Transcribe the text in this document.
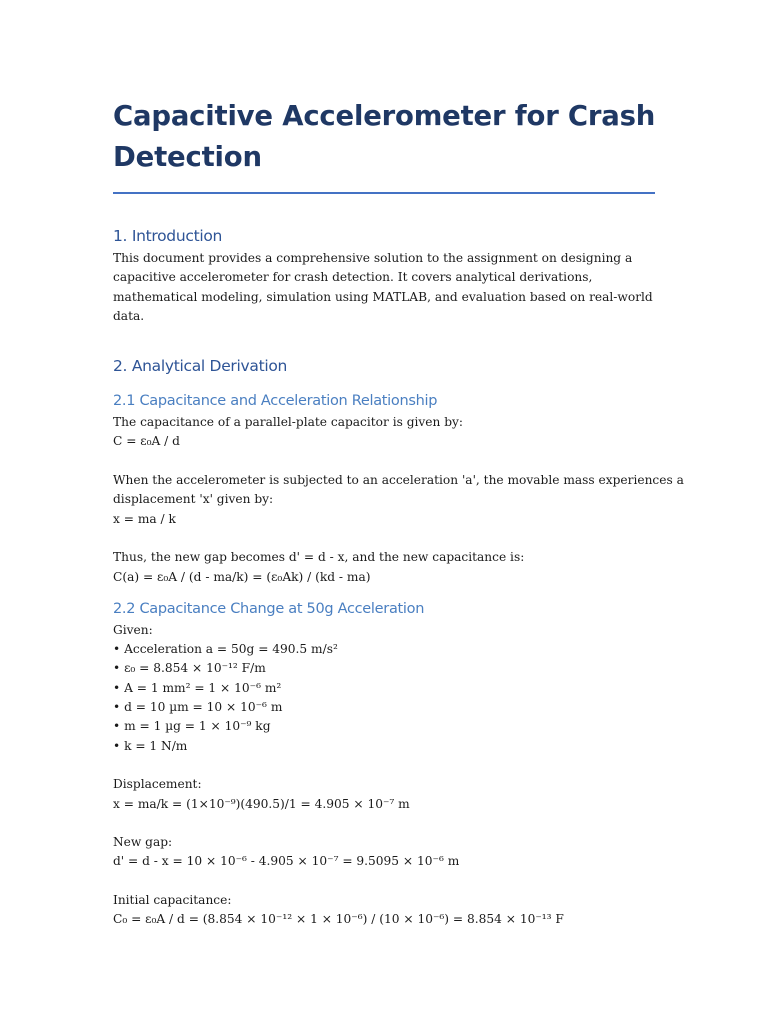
Capacitive Accelerometer for Crash Detection
1. Introduction

This document provides a comprehensive solution to the assignment on designing a capacitive accelerometer for crash detection. It covers analytical derivations, mathematical modeling, simulation using MATLAB, and evaluation based on real-world data.

2. Analytical Derivation
2.1 Capacitance and Acceleration Relationship

The capacitance of a parallel-plate capacitor is given by:

C = ε₀A / d

When the accelerometer is subjected to an acceleration 'a', the movable mass experiences a

displacement 'x' given by:

x = ma / k

Thus, the new gap becomes d' = d - x, and the new capacitance is:

C(a) = ε₀A / (d - ma/k) = (ε₀Ak) / (kd - ma)

2.2 Capacitance Change at 50g Acceleration

Given:

• Acceleration a = 50g = 490.5 m/s²

• ε₀ = 8.854 × 10⁻¹² F/m

• A = 1 mm² = 1 × 10⁻⁶ m²

• d = 10 µm = 10 × 10⁻⁶ m

• m = 1 µg = 1 × 10⁻⁹ kg

• k = 1 N/m

Displacement:

x = ma/k = (1×10⁻⁹)(490.5)/1 = 4.905 × 10⁻⁷ m

New gap:

d' = d - x = 10 × 10⁻⁶ - 4.905 × 10⁻⁷ = 9.5095 × 10⁻⁶ m

Initial capacitance:

C₀ = ε₀A / d = (8.854 × 10⁻¹² × 1 × 10⁻⁶) / (10 × 10⁻⁶) = 8.854 × 10⁻¹³ F
